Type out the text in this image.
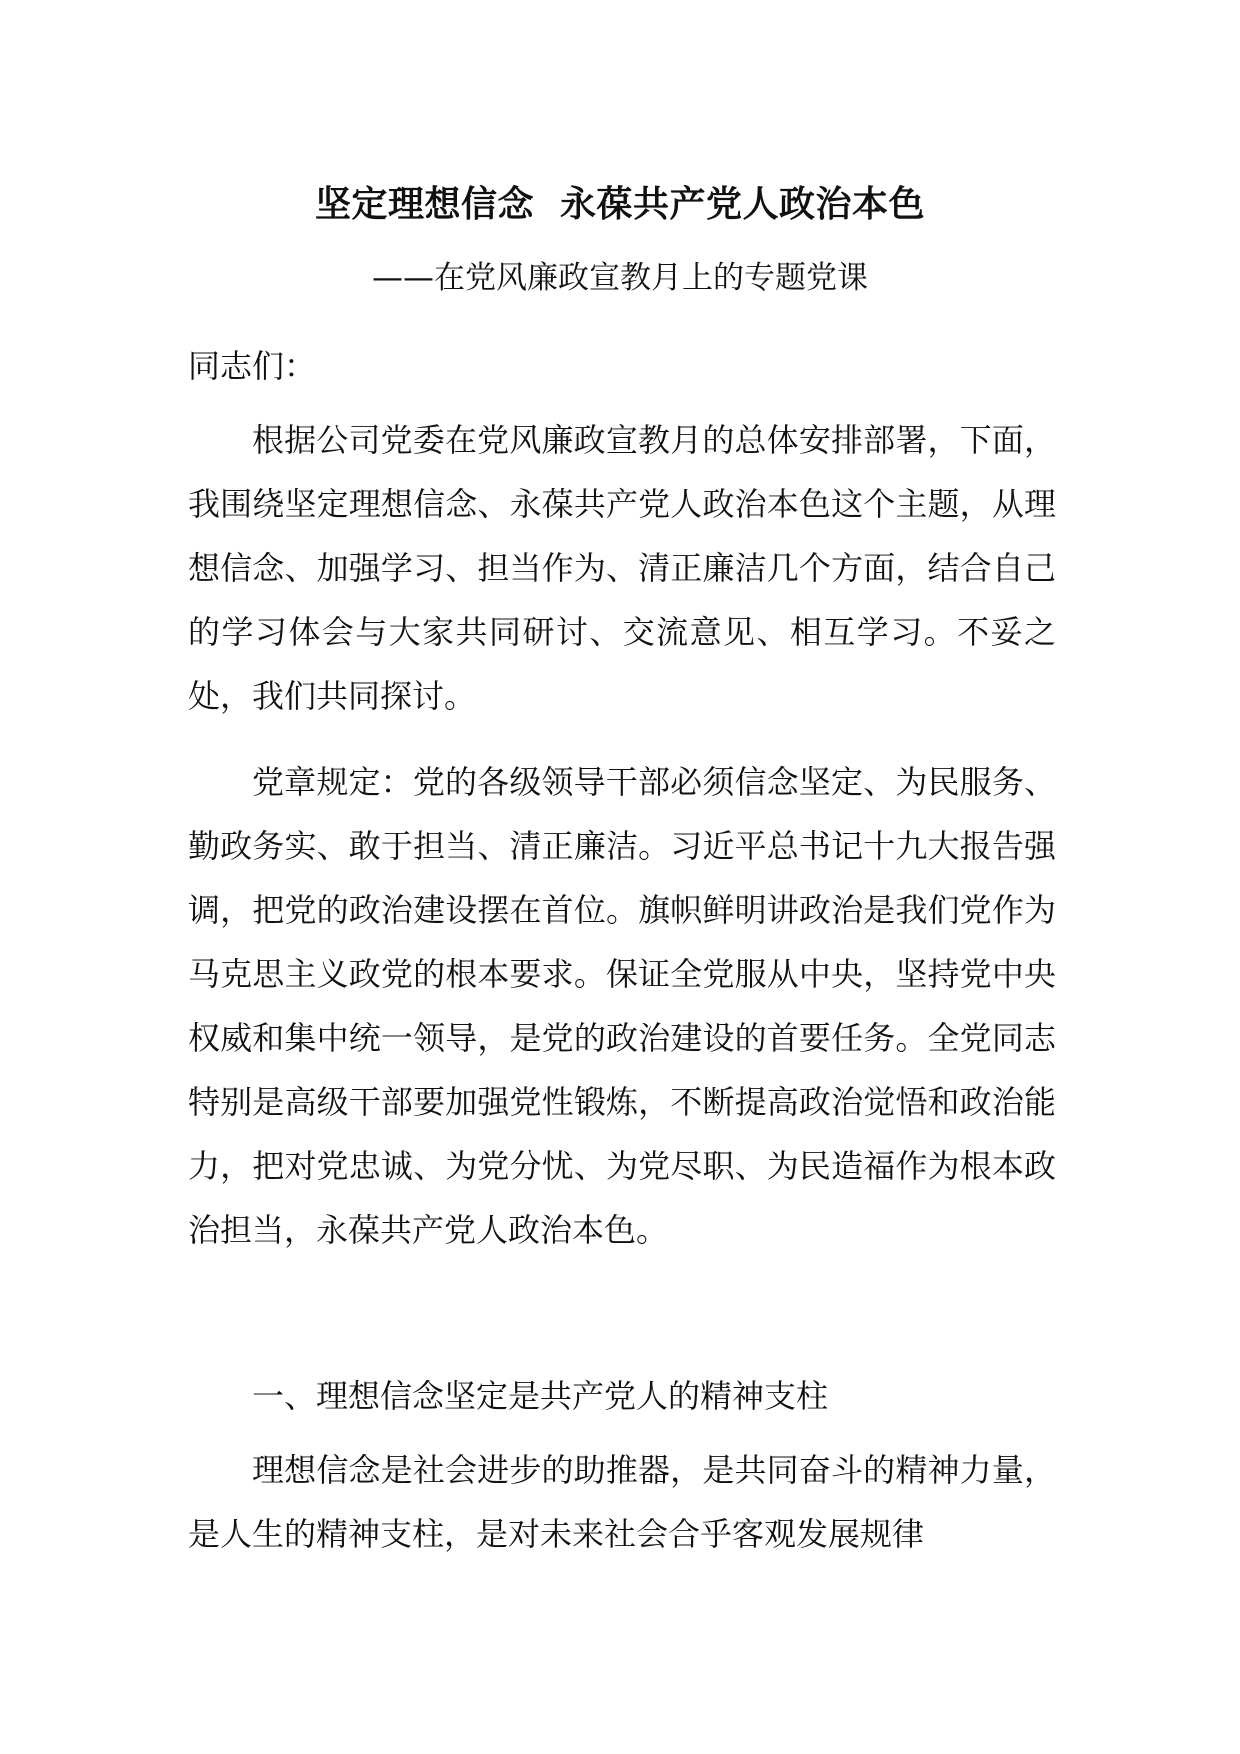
坚定理想信念  永葆共产党人政治本色
——在党风廉政宣教月上的专题党课
同志们：
根据公司党委在党风廉政宣教月的总体安排部署，下面，我围绕坚定理想信念、永葆共产党人政治本色这个主题，从理想信念、加强学习、担当作为、清正廉洁几个方面，结合自己的学习体会与大家共同研讨、交流意见、相互学习。不妥之处，我们共同探讨。
党章规定：党的各级领导干部必须信念坚定、为民服务、勤政务实、敢于担当、清正廉洁。习近平总书记十九大报告强调，把党的政治建设摆在首位。旗帜鲜明讲政治是我们党作为马克思主义政党的根本要求。保证全党服从中央，坚持党中央权威和集中统一领导，是党的政治建设的首要任务。全党同志特别是高级干部要加强党性锻炼，不断提高政治觉悟和政治能力，把对党忠诚、为党分忧、为党尽职、为民造福作为根本政治担当，永葆共产党人政治本色。
一、理想信念坚定是共产党人的精神支柱
理想信念是社会进步的助推器，是共同奋斗的精神力量，是人生的精神支柱，是对未来社会合乎客观发展规律
